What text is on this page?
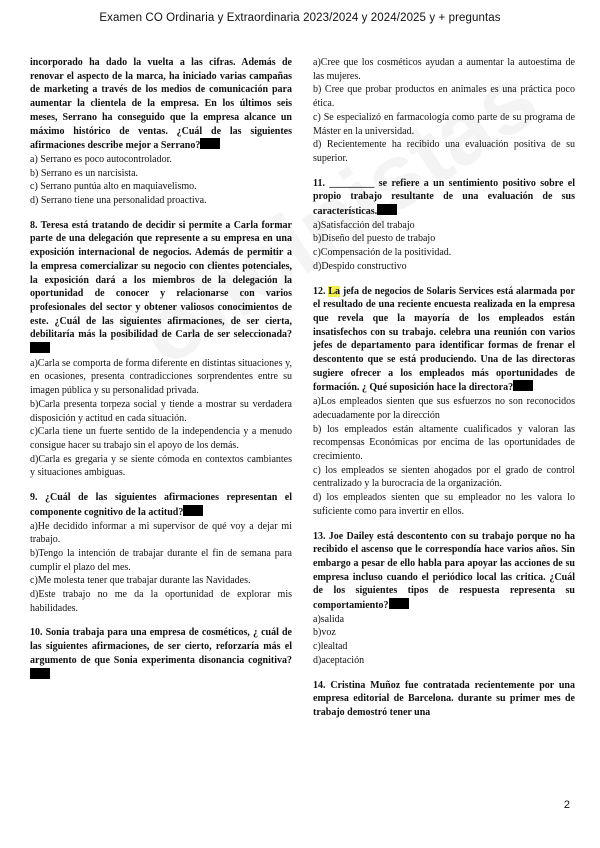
Examen CO Ordinaria y Extraordinaria 2023/2024 y 2024/2025 y + preguntas

incorporado ha dado la vuelta a las cifras. Además de renovar el aspecto de la marca, ha iniciado varias campañas de marketing a través de los medios de comunicación para aumentar la clientela de la empresa. En los últimos seis meses, Serrano ha conseguido que la empresa alcance un máximo histórico de ventas. ¿Cuál de las siguientes afirmaciones describe mejor a Serrano?

a) Serrano es poco autocontrolador.

b) Serrano es un narcisista.

c) Serrano puntúa alto en maquiavelismo.

d) Serrano tiene una personalidad proactiva.

8. Teresa está tratando de decidir si permite a Carla formar parte de una delegación que represente a su empresa en una exposición internacional de negocios. Además de permitir a la empresa comercializar su negocio con clientes potenciales, la exposición dará a los miembros de la delegación la oportunidad de conocer y relacionarse con varios profesionales del sector y obtener valiosos conocimientos de este. ¿Cuál de las siguientes afirmaciones, de ser cierta, debilitaría más la posibilidad de Carla de ser seleccionada?

a)Carla se comporta de forma diferente en distintas situaciones y, en ocasiones, presenta contradicciones sorprendentes entre su imagen pública y su personalidad privada.

b)Carla presenta torpeza social y tiende a mostrar su verdadera disposición y actitud en cada situación.

c)Carla tiene un fuerte sentido de la independencia y a menudo consigue hacer su trabajo sin el apoyo de los demás.

d)Carla es gregaria y se siente cómoda en contextos cambiantes y situaciones ambiguas.

9. ¿Cuál de las siguientes afirmaciones representan el componente cognitivo de la actitud?

a)He decidido informar a mi supervisor de qué voy a dejar mi trabajo.

b)Tengo la intención de trabajar durante el fin de semana para cumplir el plazo del mes.

c)Me molesta tener que trabajar durante las Navidades.

d)Este trabajo no me da la oportunidad de explorar mis habilidades.

10. Sonia trabaja para una empresa de cosméticos, ¿ cuál de las siguientes afirmaciones, de ser cierto, reforzaría más el argumento de que Sonia experimenta disonancia cognitiva?

a)Cree que los cosméticos ayudan a aumentar la autoestima de las mujeres.

b) Cree que probar productos en animales es una práctica poco ética.

c) Se especializó en farmacología como parte de su programa de Máster en la universidad.

d) Recientemente ha recibido una evaluación positiva de su superior.

11. _________ se refiere a un sentimiento positivo sobre el propio trabajo resultante de una evaluación de sus características.

a)Satisfacción del trabajo

b)Diseño del puesto de trabajo

c)Compensación de la positividad.

d)Despido constructivo

12. La jefa de negocios de Solaris Services está alarmada por el resultado de una reciente encuesta realizada en la empresa que revela que la mayoría de los empleados están insatisfechos con su trabajo. celebra una reunión con varios jefes de departamento para identificar formas de frenar el descontento que se está produciendo. Una de las directoras sugiere ofrecer a los empleados más oportunidades de formación. ¿ Qué suposición hace la directora?

a)Los empleados sienten que sus esfuerzos no son reconocidos adecuadamente por la dirección

b) los empleados están altamente cualificados y valoran las recompensas Económicas por encima de las oportunidades de crecimiento.

c) los empleados se sienten ahogados por el grado de control centralizado y la burocracia de la organización.

d) los empleados sienten que su empleador no les valora lo suficiente como para invertir en ellos.

13. Joe Dailey está descontento con su trabajo porque no ha recibido el ascenso que le correspondía hace varios años. Sin embargo a pesar de ello habla para apoyar las acciones de su empresa incluso cuando el periódico local las critica. ¿Cuál de los siguientes tipos de respuesta representa su comportamiento?

a)salida

b)voz

c)lealtad

d)aceptación

14. Cristina Muñoz fue contratada recientemente por una empresa editorial de Barcelona. durante su primer mes de trabajo demostró tener una

2
